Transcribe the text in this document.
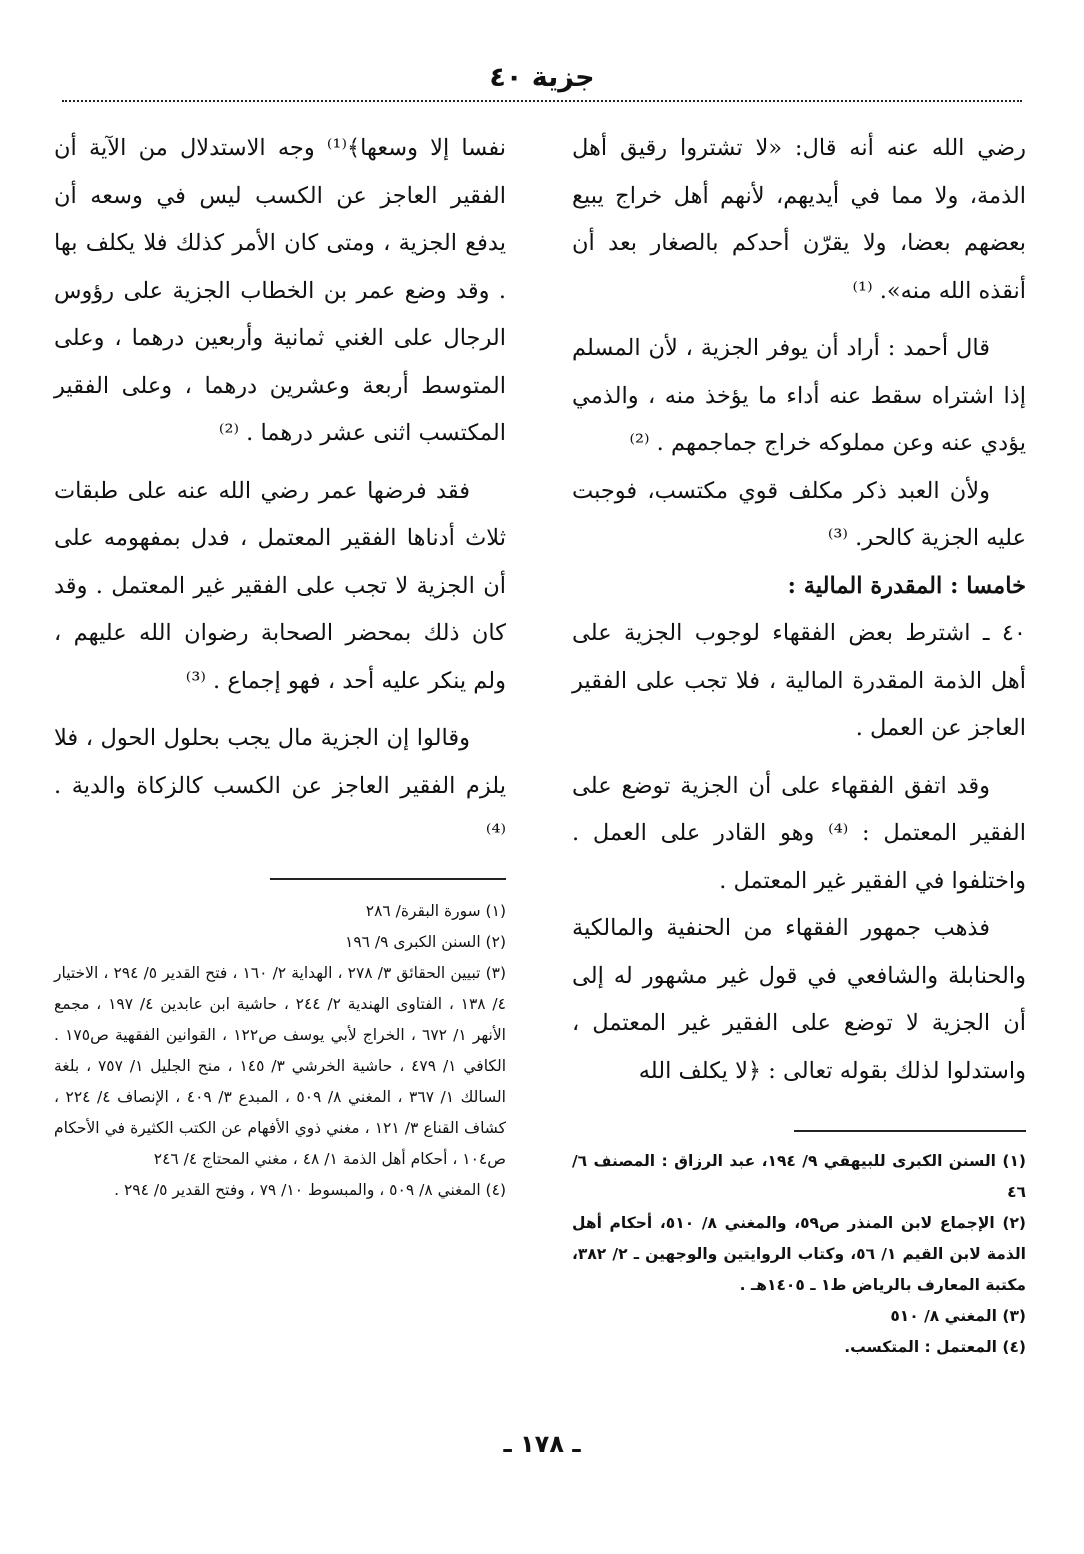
جزية ٤٠

رضي الله عنه أنه قال: «لا تشتروا رقيق أهل الذمة، ولا مما في أيديهم، لأنهم أهل خراج يبيع بعضهم بعضا، ولا يقرّن أحدكم بالصغار بعد أن أنقذه الله منه». ⁽¹⁾

قال أحمد : أراد أن يوفر الجزية ، لأن المسلم إذا اشتراه سقط عنه أداء ما يؤخذ منه ، والذمي يؤدي عنه وعن مملوكه خراج جماجمهم . ⁽²⁾

ولأن العبد ذكر مكلف قوي مكتسب، فوجبت عليه الجزية كالحر. ⁽³⁾

خامسا : المقدرة المالية :

٤٠ ـ اشترط بعض الفقهاء لوجوب الجزية على أهل الذمة المقدرة المالية ، فلا تجب على الفقير العاجز عن العمل .

وقد اتفق الفقهاء على أن الجزية توضع على الفقير المعتمل : ⁽⁴⁾ وهو القادر على العمل . واختلفوا في الفقير غير المعتمل .

فذهب جمهور الفقهاء من الحنفية والمالكية والحنابلة والشافعي في قول غير مشهور له إلى أن الجزية لا توضع على الفقير غير المعتمل ، واستدلوا لذلك بقوله تعالى : ﴿لا يكلف الله

نفسا إلا وسعها﴾⁽¹⁾ وجه الاستدلال من الآية أن الفقير العاجز عن الكسب ليس في وسعه أن يدفع الجزية ، ومتى كان الأمر كذلك فلا يكلف بها . وقد وضع عمر بن الخطاب الجزية على رؤوس الرجال على الغني ثمانية وأربعين درهما ، وعلى المتوسط أربعة وعشرين درهما ، وعلى الفقير المكتسب اثنى عشر درهما . ⁽²⁾

فقد فرضها عمر رضي الله عنه على طبقات ثلاث أدناها الفقير المعتمل ، فدل بمفهومه على أن الجزية لا تجب على الفقير غير المعتمل . وقد كان ذلك بمحضر الصحابة رضوان الله عليهم ، ولم ينكر عليه أحد ، فهو إجماع . ⁽³⁾

وقالوا إن الجزية مال يجب بحلول الحول ، فلا يلزم الفقير العاجز عن الكسب كالزكاة والدية . ⁽⁴⁾

(١) السنن الكبرى للبيهقي ٩/ ١٩٤، عبد الرزاق : المصنف ٦/ ٤٦

(٢) الإجماع لابن المنذر ص٥٩، والمغني ٨/ ٥١٠، أحكام أهل الذمة لابن القيم ١/ ٥٦، وكتاب الروايتين والوجهين ـ ٢/ ٣٨٢، مكتبة المعارف بالرياض ط١ ـ ١٤٠٥هـ .

(٣) المغني ٨/ ٥١٠

(٤) المعتمل : المتكسب.

(١) سورة البقرة/ ٢٨٦

(٢) السنن الكبرى ٩/ ١٩٦

(٣) تبيين الحقائق ٣/ ٢٧٨ ، الهداية ٢/ ١٦٠ ، فتح القدير ٥/ ٢٩٤ ، الاختيار ٤/ ١٣٨ ، الفتاوى الهندية ٢/ ٢٤٤ ، حاشية ابن عابدين ٤/ ١٩٧ ، مجمع الأنهر ١/ ٦٧٢ ، الخراج لأبي يوسف ص١٢٢ ، القوانين الفقهية ص١٧٥ . الكافي ١/ ٤٧٩ ، حاشية الخرشي ٣/ ١٤٥ ، منح الجليل ١/ ٧٥٧ ، بلغة السالك ١/ ٣٦٧ ، المغني ٨/ ٥٠٩ ، المبدع ٣/ ٤٠٩ ، الإنصاف ٤/ ٢٢٤ ، كشاف القناع ٣/ ١٢١ ، مغني ذوي الأفهام عن الكتب الكثيرة في الأحكام ص١٠٤ ، أحكام أهل الذمة ١/ ٤٨ ، مغني المحتاج ٤/ ٢٤٦

(٤) المغني ٨/ ٥٠٩ ، والمبسوط ١٠/ ٧٩ ، وفتح القدير ٥/ ٢٩٤ .

ـ ١٧٨ ـ
